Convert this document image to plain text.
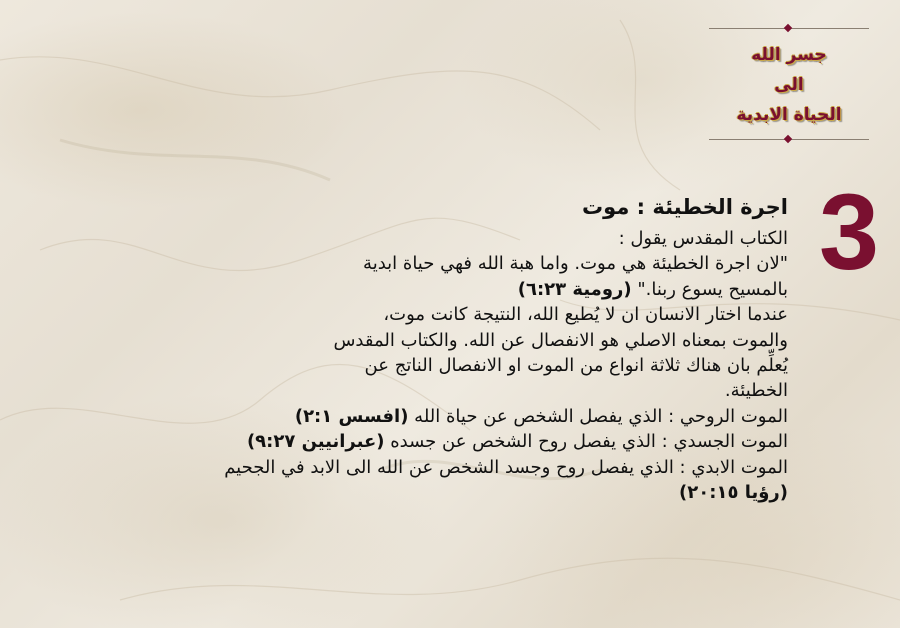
جسر الله
الى
الحياة الابدية
3

اجرة الخطيئة : موت

الكتاب المقدس يقول :

"لان اجرة الخطيئة هي موت. واما هبة الله فهي حياة ابدية

بالمسيح يسوع ربنا." (رومية ٦:٢٣)

عندما اختار الانسان ان لا يُطيع الله، النتيجة كانت موت،

والموت بمعناه الاصلي هو الانفصال عن الله. والكتاب المقدس

يُعلِّم بان هناك ثلاثة انواع من الموت او الانفصال الناتج عن

الخطيئة.

الموت الروحي : الذي يفصل الشخص عن حياة الله (افسس ٢:١)

الموت الجسدي : الذي يفصل روح الشخص عن جسده (عبرانيين ٩:٢٧)

الموت الابدي : الذي يفصل روح وجسد الشخص عن الله الى الابد في الجحيم

(رؤيا ٢٠:١٥)
